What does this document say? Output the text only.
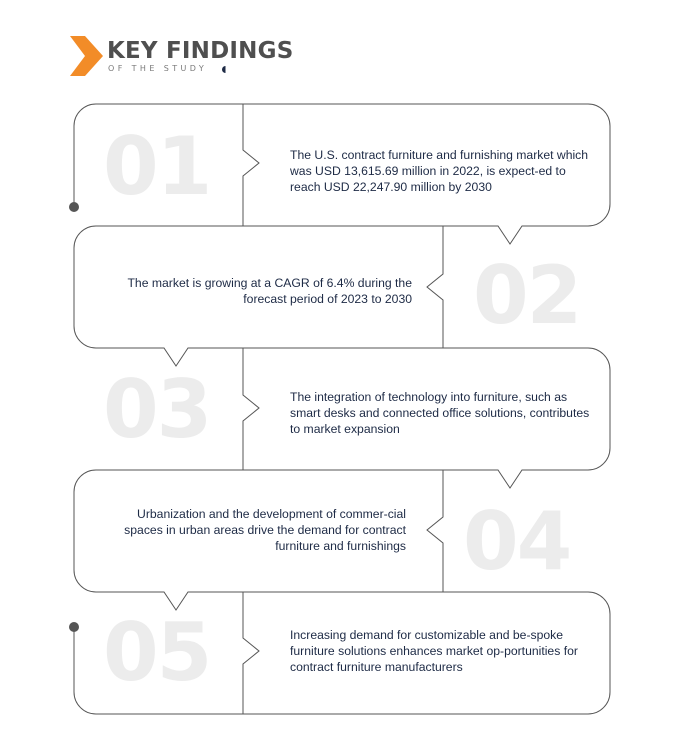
KEY FINDINGS
OF THE STUDY
01	The U.S. contract furniture and furnishing market which was USD 13,615.69 million in 2022, is expect-ed to reach USD 22,247.90 million by 2030
02
The market is growing at a CAGR of 6.4% during the forecast period of 2023 to 2030
03	The integration of technology into furniture, such as smart desks and connected office solutions, contributes to market expansion
04
Urbanization and the development of commer-cial spaces in urban areas drive the demand for contract furniture and furnishings
05	Increasing demand for customizable and be-spoke furniture solutions enhances market op-portunities for contract furniture manufacturers
